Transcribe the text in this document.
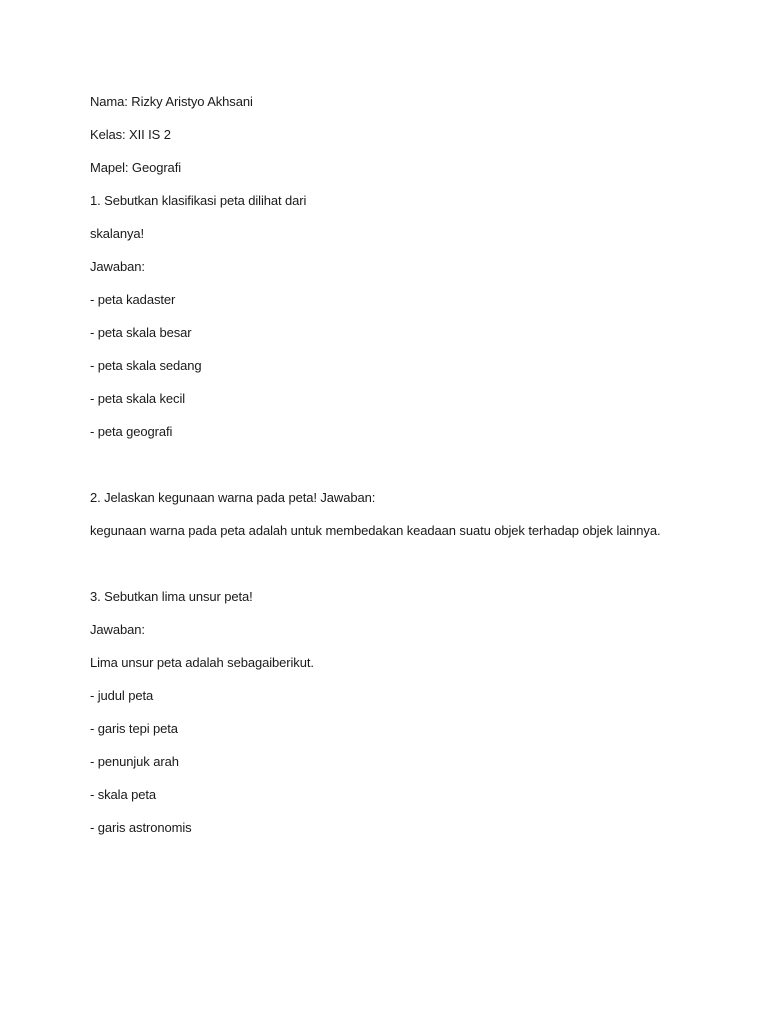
Nama: Rizky Aristyo Akhsani
Kelas: XII IS 2
Mapel: Geografi
1. Sebutkan klasifikasi peta dilihat dari
skalanya!
Jawaban:
- peta kadaster
- peta skala besar
- peta skala sedang
- peta skala kecil
- peta geografi
2. Jelaskan kegunaan warna pada peta! Jawaban:
kegunaan warna pada peta adalah untuk membedakan keadaan suatu objek terhadap objek lainnya.
3. Sebutkan lima unsur peta!
Jawaban:
Lima unsur peta adalah sebagaiberikut.
- judul peta
- garis tepi peta
- penunjuk arah
- skala peta
- garis astronomis
